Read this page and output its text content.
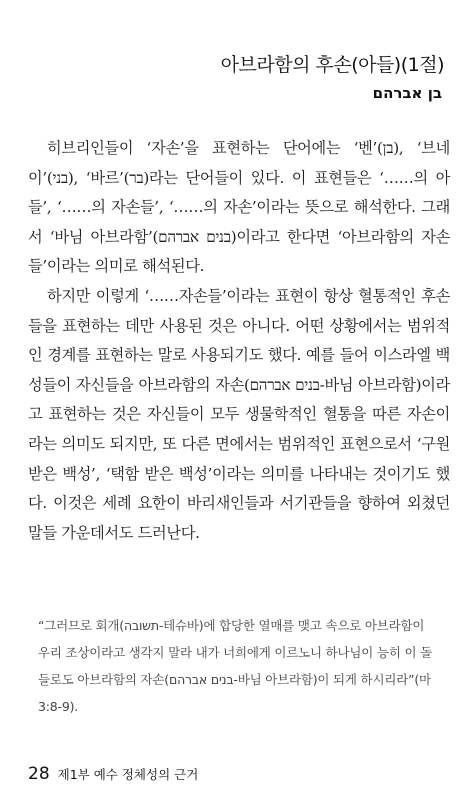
아브라함의 후손(아들)(1절)
בן אברהם

히브리인들이 ‘자손’을 표현하는 단어에는 ‘벤’(בן), ‘브네이’(בני), ‘바르’(בר)라는 단어들이 있다. 이 표현들은 ‘……의 아들’, ‘……의 자손들’, ‘……의 자손’이라는 뜻으로 해석한다. 그래서 ‘바님 아브라함’(בנים אברהם)이라고 한다면 ‘아브라함의 자손들’이라는 의미로 해석된다.

하지만 이렇게 ‘……자손들’이라는 표현이 항상 혈통적인 후손들을 표현하는 데만 사용된 것은 아니다. 어떤 상황에서는 범위적인 경계를 표현하는 말로 사용되기도 했다. 예를 들어 이스라엘 백성들이 자신들을 아브라함의 자손(בנים אברהם-바님 아브라함)이라고 표현하는 것은 자신들이 모두 생물학적인 혈통을 따른 자손이라는 의미도 되지만, 또 다른 면에서는 범위적인 표현으로서 ‘구원받은 백성’, ‘택함 받은 백성’이라는 의미를 나타내는 것이기도 했다. 이것은 세례 요한이 바리새인들과 서기관들을 향하여 외쳤던 말들 가운데서도 드러난다.

“그러므로 회개(תשובה-테슈바)에 합당한 열매를 맺고 속으로 아브라함이 우리 조상이라고 생각지 말라 내가 너희에게 이르노니 하나님이 능히 이 돌들로도 아브라함의 자손(בנים אברהם-바님 아브라함)이 되게 하시리라”(마 3:8-9).
28 제1부 예수 정체성의 근거
